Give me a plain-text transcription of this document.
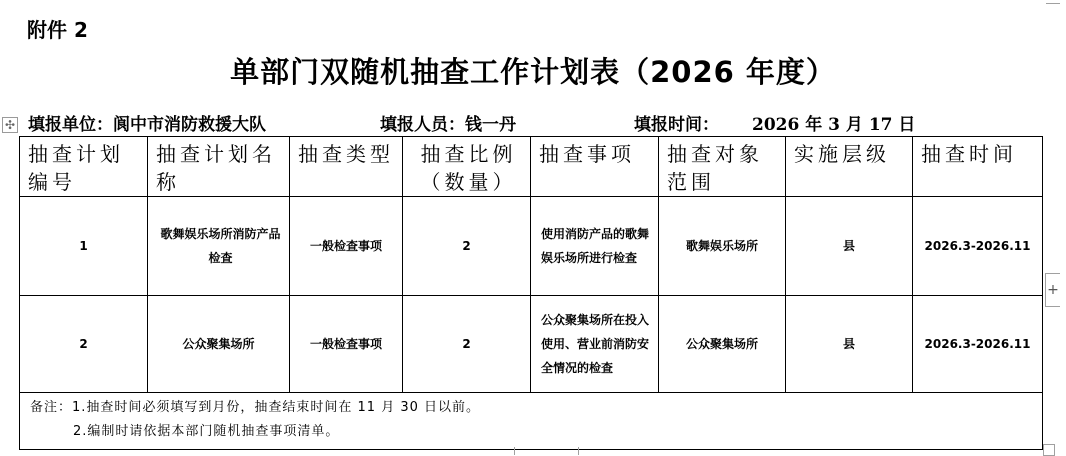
附件 2
单部门双随机抽查工作计划表（2026 年度）
✣ 填报单位：阆中市消防救援大队	填报人员：钱一丹	填报时间： 2026 年 3 月 17 日
抽查计划编号	抽查计划名称	抽查类型	抽查比例（数量）	抽查事项	抽查对象范围	实施层级	抽查时间
1	歌舞娱乐场所消防产品检查	一般检查事项	2	使用消防产品的歌舞娱乐场所进行检查	歌舞娱乐场所	县	2026.3-2026.11
2	公众聚集场所	一般检查事项	2	公众聚集场所在投入使用、营业前消防安全情况的检查	公众聚集场所	县	2026.3-2026.11

备注：1.抽查时间必须填写到月份，抽查结束时间在 11 月 30 日以前。
2.编制时请依据本部门随机抽查事项清单。							
+
